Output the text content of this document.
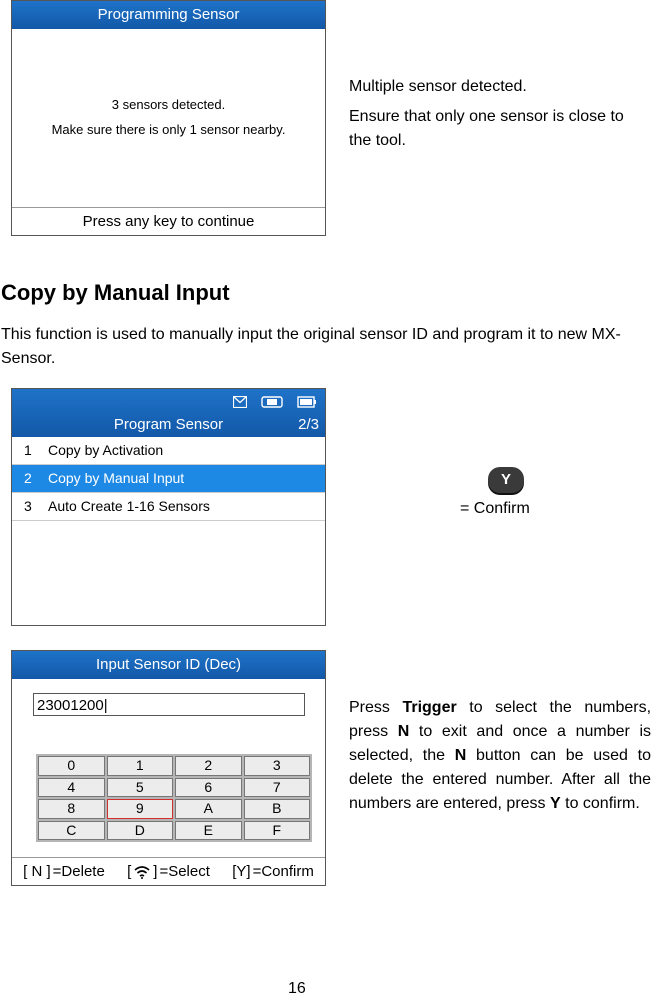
Programming Sensor
3 sensors detected.
Make sure there is only 1 sensor nearby.
Press any key to continue

Multiple sensor detected.

Ensure that only one sensor is close to the tool.

Copy by Manual Input
This function is used to manually input the original sensor ID and program it to new MX-Sensor.
Program Sensor	2/3
1	Copy by Activation
2	Copy by Manual Input
3	Auto Create 1-16 Sensors
Y
= Confirm
Input Sensor ID (Dec)
23001200|
0	1	2	3
4	5	6	7
8	9	A	B
C	D	E	F
[ N ] =Delete [ ] =Select [Y] =Confirm
Press Trigger to select the numbers, press N to exit and once a number is selected, the N button can be used to delete the entered number. After all the numbers are entered, press Y to confirm.
16
